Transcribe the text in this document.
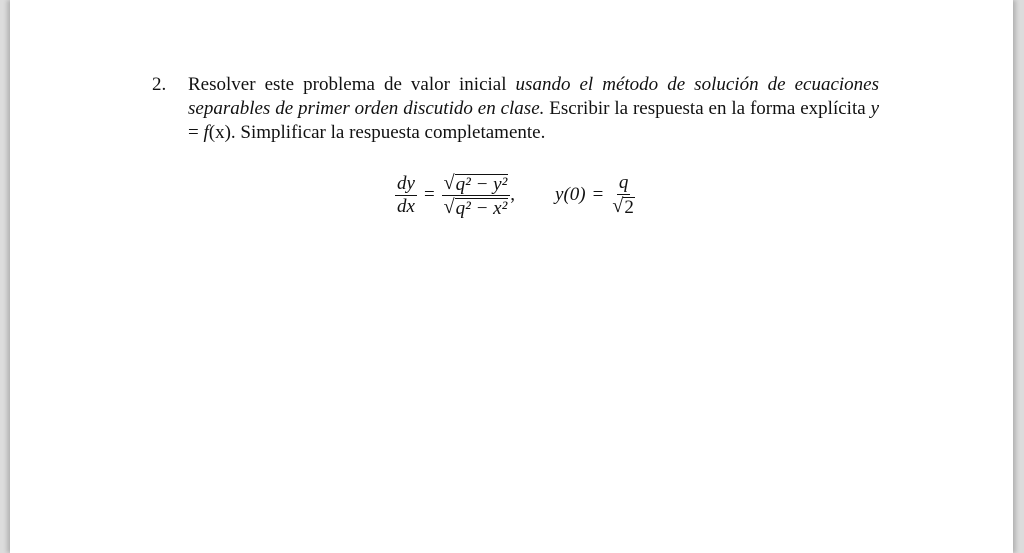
2. Resolver este problema de valor inicial usando el método de solución de ecuaciones separables de primer orden discutido en clase. Escribir la respuesta en la forma explícita y = f(x). Simplificar la respuesta completamente.
$\frac{dy}{dx} = \frac{\text{√ q² − y²}}{\text{√ q² − x²}}$ , $y(0) = \frac{q}{√ 2}$
